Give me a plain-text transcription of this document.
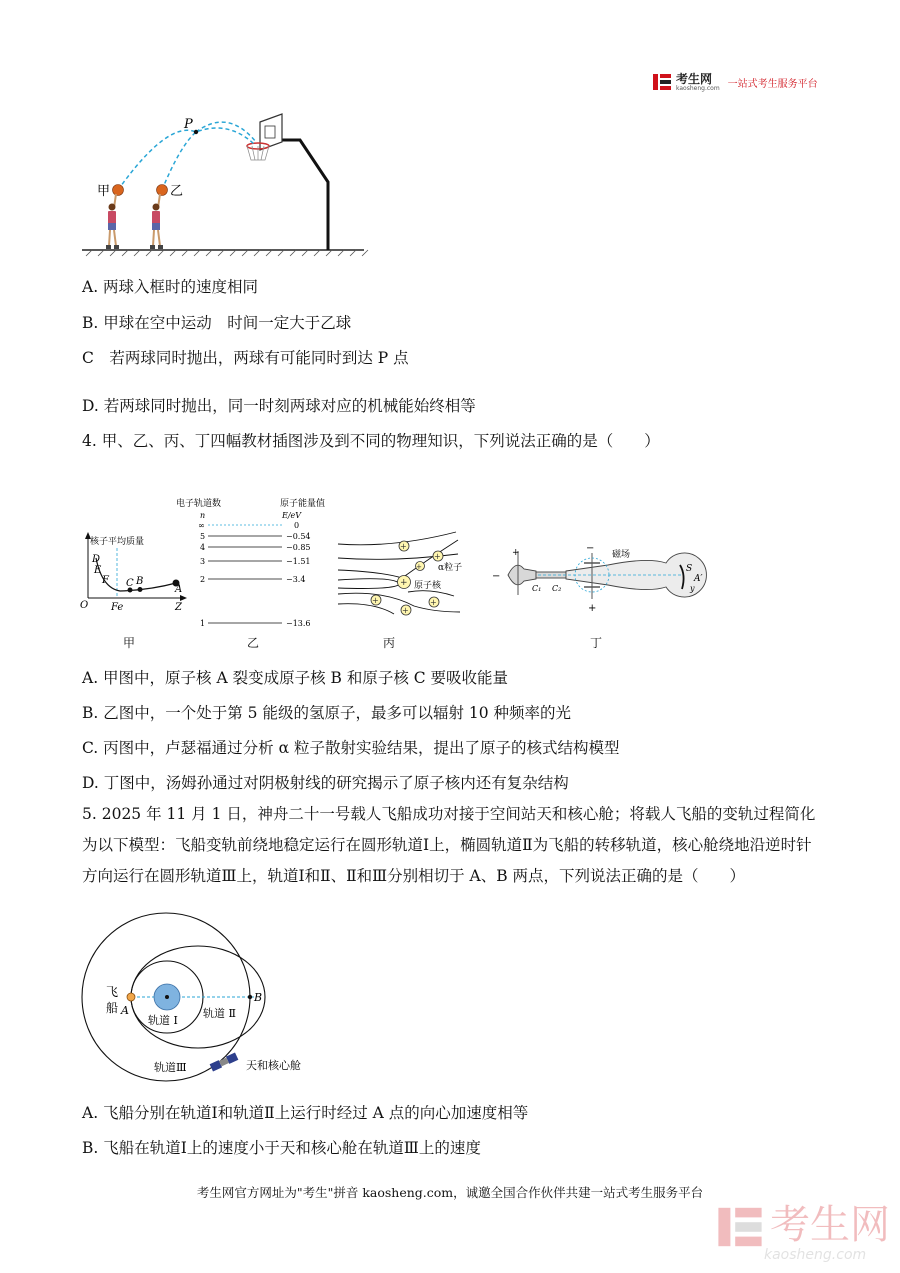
考生网
kaosheng.com 一站式考生服务平台
P
甲	乙
A. 两球入框时的速度相同
B. 甲球在空中运动　时间一定大于乙球
C　若两球同时抛出，两球有可能同时到达 P 点
D. 若两球同时抛出，同一时刻两球对应的机械能始终相等
4. 甲、乙、丙、丁四幅教材插图涉及到不同的物理知识，下列说法正确的是（　　）
核子平均质量
O Fe	Z
D
E
F C B
A
甲
电子轨道数	原子能量值
n	E/eV
∞	0
5	−0.54
4	−0.85
3	−1.51
2	−3.4
1	−13.6
乙
+
+
+
+	+
+
+ α粒子
原子核
丙
+
−
−
+
磁场
C₁ C₂
S
A′
y
丁
A. 甲图中，原子核 A 裂变成原子核 B 和原子核 C 要吸收能量
B. 乙图中，一个处于第 5 能级的氢原子，最多可以辐射 10 种频率的光
C. 丙图中，卢瑟福通过分析 α 粒子散射实验结果，提出了原子的核式结构模型
D. 丁图中，汤姆孙通过对阴极射线的研究揭示了原子核内还有复杂结构
5. 2025 年 11 月 1 日，神舟二十一号载人飞船成功对接于空间站天和核心舱；将载人飞船的变轨过程简化为以下模型：飞船变轨前绕地稳定运行在圆形轨道Ⅰ上，椭圆轨道Ⅱ为飞船的转移轨道，核心舱绕地沿逆时针方向运行在圆形轨道Ⅲ上，轨道Ⅰ和Ⅱ、Ⅱ和Ⅲ分别相切于 A、B 两点，下列说法正确的是（　　）
飞
船 A
B
轨道 Ⅰ
轨道 Ⅱ
轨道Ⅲ	天和核心舱
A. 飞船分别在轨道Ⅰ和轨道Ⅱ上运行时经过 A 点的向心加速度相等
B. 飞船在轨道Ⅰ上的速度小于天和核心舱在轨道Ⅲ上的速度
考生网官方网址为"考生"拼音 kaosheng.com，诚邀全国合作伙伴共建一站式考生服务平台
考生网
kaosheng.com
